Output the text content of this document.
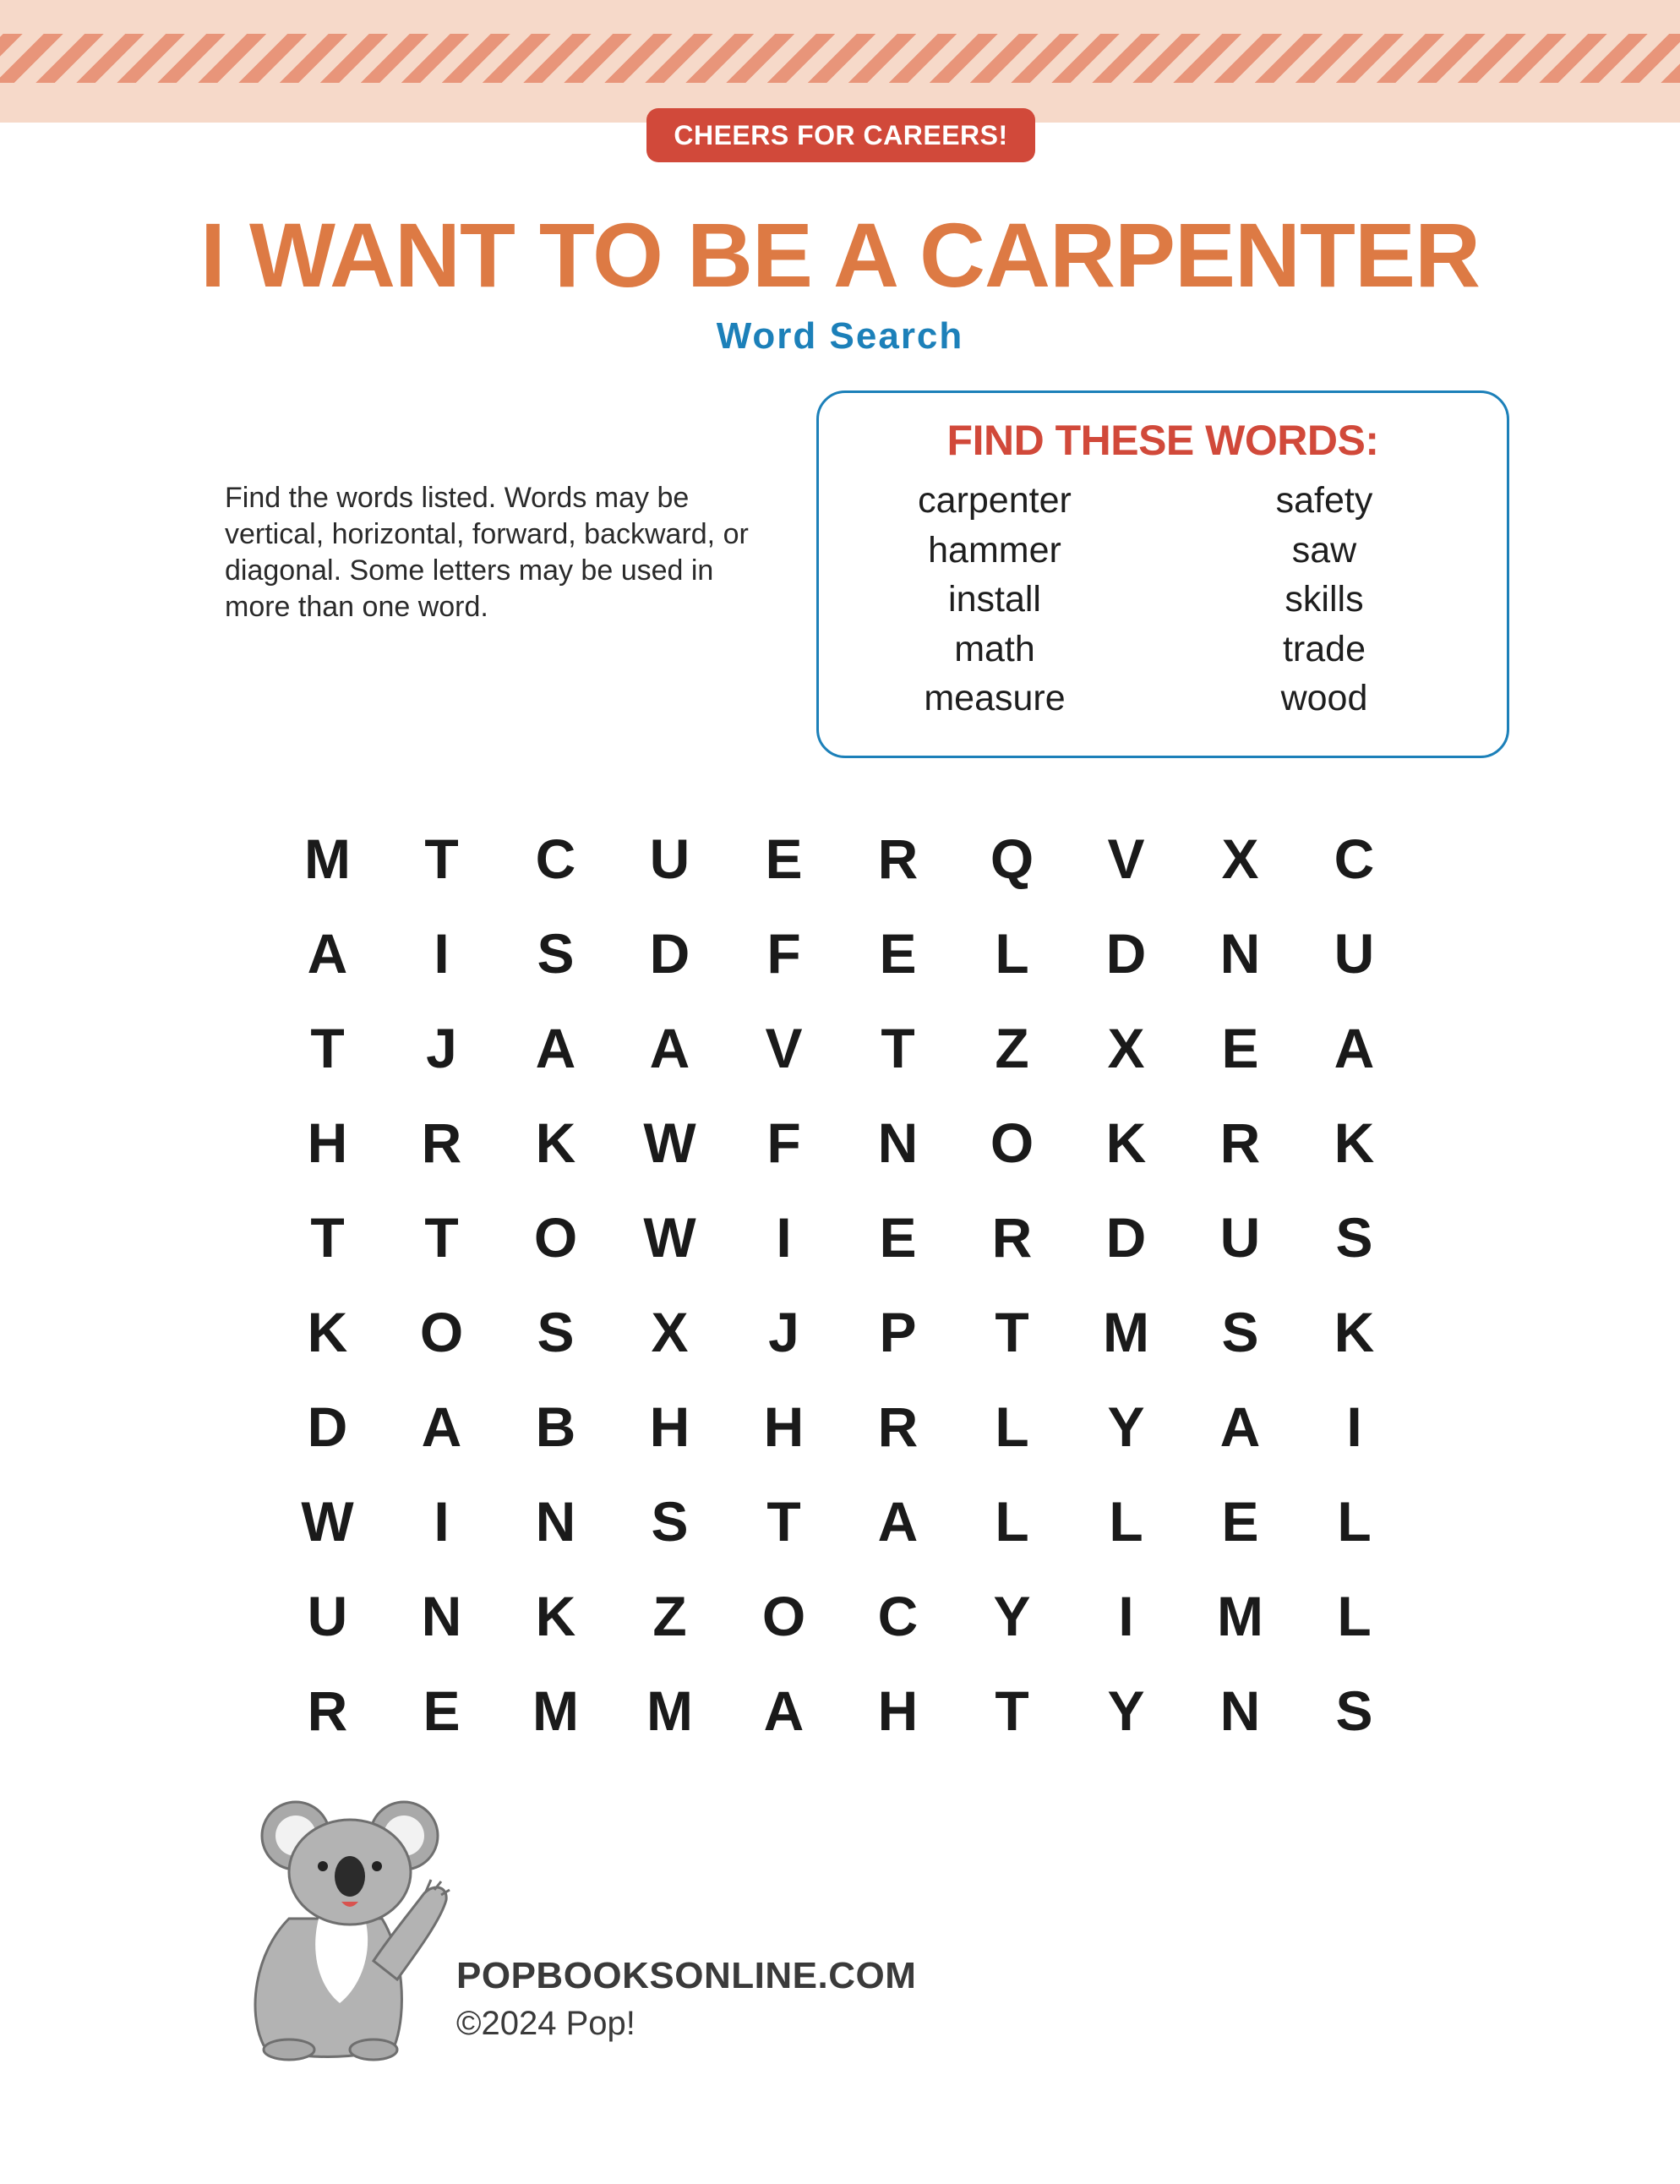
CHEERS FOR CAREERS!
I WANT TO BE A CARPENTER
Word Search
Find the words listed. Words may be vertical, horizontal, forward, backward, or diagonal. Some letters may be used in more than one word.
FIND THESE WORDS:
carpenter
hammer
install
math
measure
safety
saw
skills
trade
wood
M	T	C	U	E	R	Q	V	X	C
A	I	S	D	F	E	L	D	N	U
T	J	A	A	V	T	Z	X	E	A
H	R	K	W	F	N	O	K	R	K
T	T	O	W	I	E	R	D	U	S
K	O	S	X	J	P	T	M	S	K
D	A	B	H	H	R	L	Y	A	I
W	I	N	S	T	A	L	L	E	L
U	N	K	Z	O	C	Y	I	M	L
R	E	M	M	A	H	T	Y	N	S
POPBOOKSONLINE.COM
©2024 Pop!
